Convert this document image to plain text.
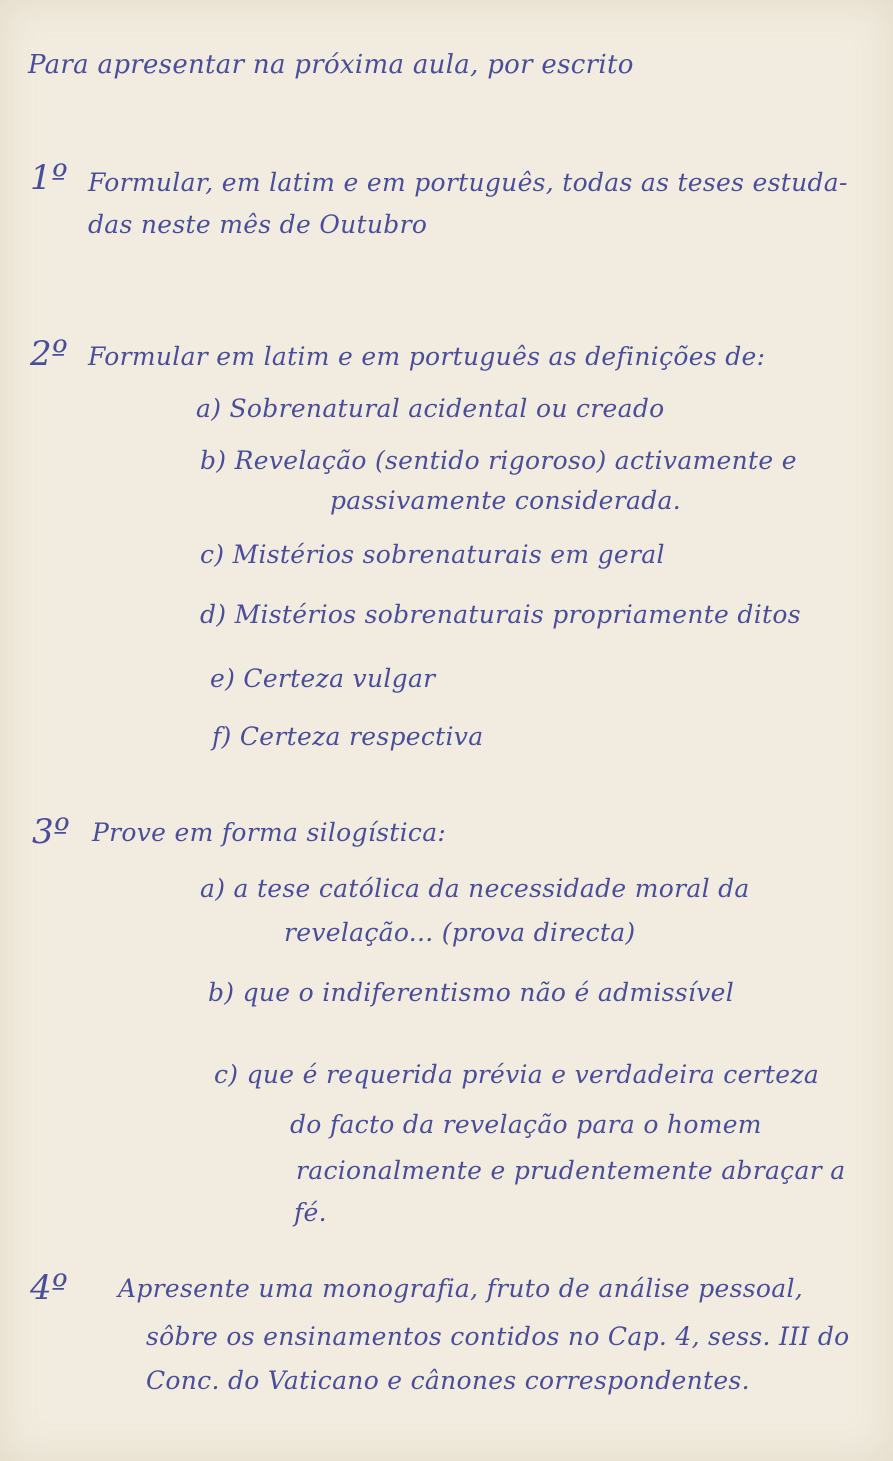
Para apresentar na próxima aula, por escrito

1º Formular, em latim e em português, todas as teses estuda-

das neste mês de Outubro

2º Formular em latim e em português as definições de:

a) Sobrenatural acidental ou creado

b) Revelação (sentido rigoroso) activamente e

passivamente considerada.

c) Mistérios sobrenaturais em geral

d) Mistérios sobrenaturais propriamente ditos

e) Certeza vulgar

f) Certeza respectiva

3º Prove em forma silogística:

a) a tese católica da necessidade moral da

revelação... (prova directa)

b) que o indiferentismo não é admissível

c) que é requerida prévia e verdadeira certeza

do facto da revelação para o homem

racionalmente e prudentemente abraçar a

fé.

4º Apresente uma monografia, fruto de análise pessoal,

sôbre os ensinamentos contidos no Cap. 4, sess. III do

Conc. do Vaticano e cânones correspondentes.
